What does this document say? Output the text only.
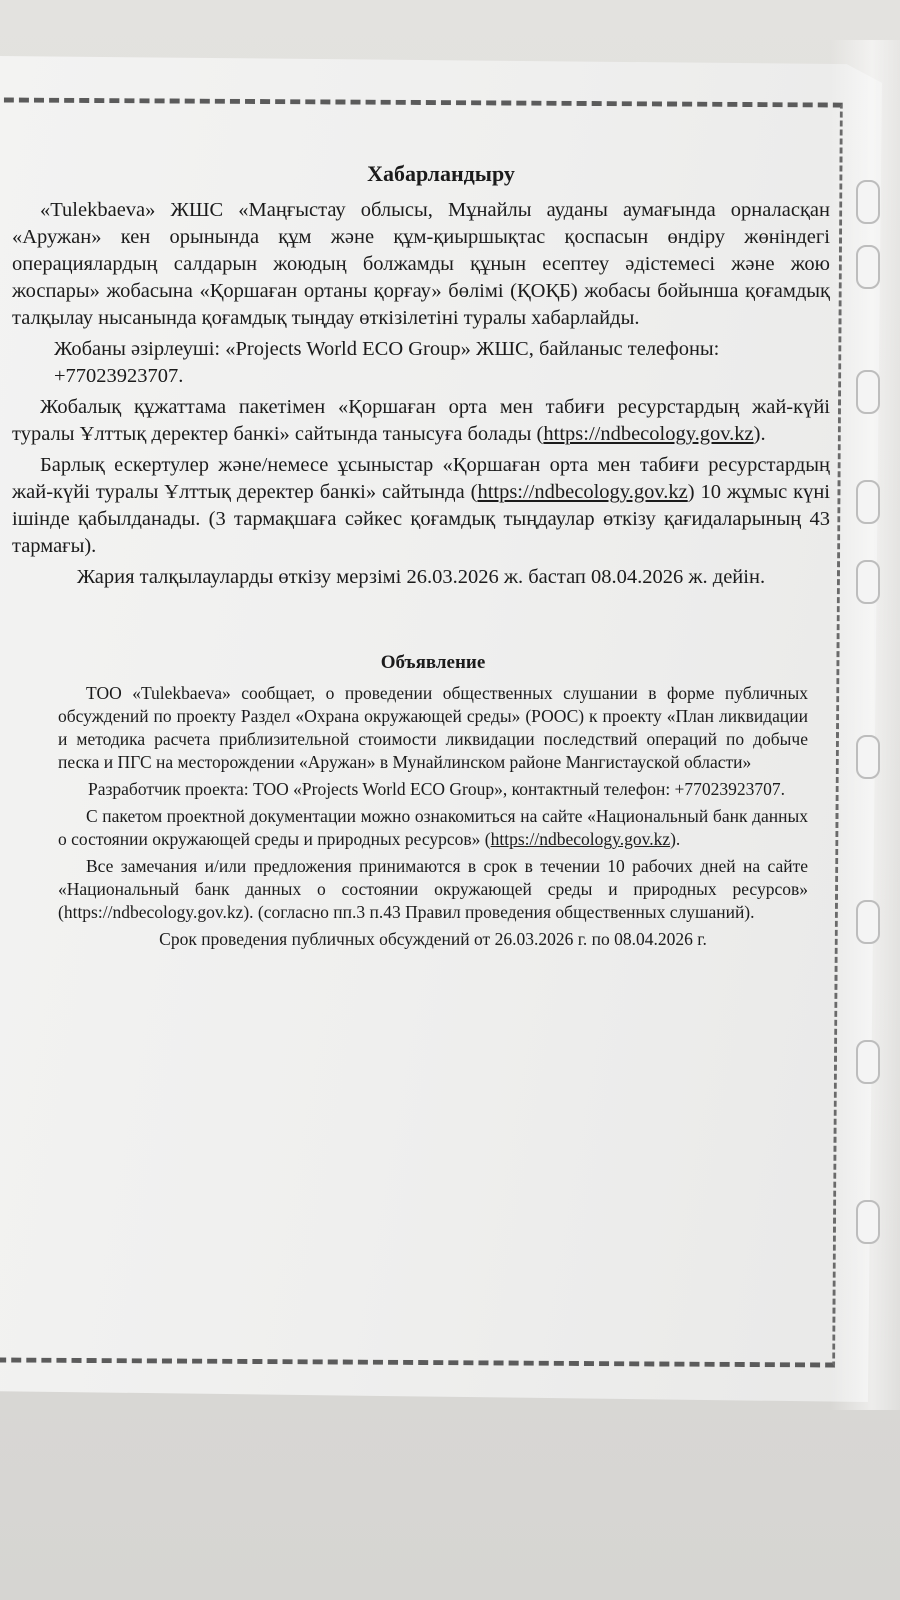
Хабарландыру

«Tulekbaeva» ЖШС «Маңғыстау облысы, Мұнайлы ауданы аумағында орналасқан «Аружан» кен орынында құм және құм-қиыршықтас қоспасын өндіру жөніндегі операциялардың салдарын жоюдың болжамды құнын есептеу әдістемесі және жою жоспары» жобасына «Қоршаған ортаны қорғау» бөлімі (ҚОҚБ) жобасы бойынша қоғамдық талқылау нысанында қоғамдық тыңдау өткізілетіні туралы хабарлайды.

Жобаны әзірлеуші: «Projects World ECO Group» ЖШС, байланыс телефоны:

+77023923707.

Жобалық құжаттама пакетімен «Қоршаған орта мен табиғи ресурстардың жай-күйі туралы Ұлттық деректер банкі» сайтында танысуға болады (https://ndbecology.gov.kz).

Барлық ескертулер және/немесе ұсыныстар «Қоршаған орта мен табиғи ресурстардың жай-күйі туралы Ұлттық деректер банкі» сайтында (https://ndbecology.gov.kz) 10 жұмыс күні ішінде қабылданады. (3 тармақшаға сәйкес қоғамдық тыңдаулар өткізу қағидаларының 43 тармағы).

Жария талқылауларды өткізу мерзімі 26.03.2026 ж. бастап 08.04.2026 ж. дейін.

Объявление

ТОО «Tulekbaeva» сообщает, о проведении общественных слушании в форме публичных обсуждений по проекту Раздел «Охрана окружающей среды» (РООС) к проекту «План ликвидации и методика расчета приблизительной стоимости ликвидации последствий операций по добыче песка и ПГС на месторождении «Аружан» в Мунайлинском районе Мангистауской области»

Разработчик проекта: ТОО «Projects World ECO Group», контактный телефон: +77023923707.

С пакетом проектной документации можно ознакомиться на сайте «Национальный банк данных о состоянии окружающей среды и природных ресурсов» (https://ndbecology.gov.kz).

Все замечания и/или предложения принимаются в срок в течении 10 рабочих дней на сайте «Национальный банк данных о состоянии окружающей среды и природных ресурсов» (https://ndbecology.gov.kz). (согласно пп.3 п.43 Правил проведения общественных слушаний).

Срок проведения публичных обсуждений от 26.03.2026 г. по 08.04.2026 г.
